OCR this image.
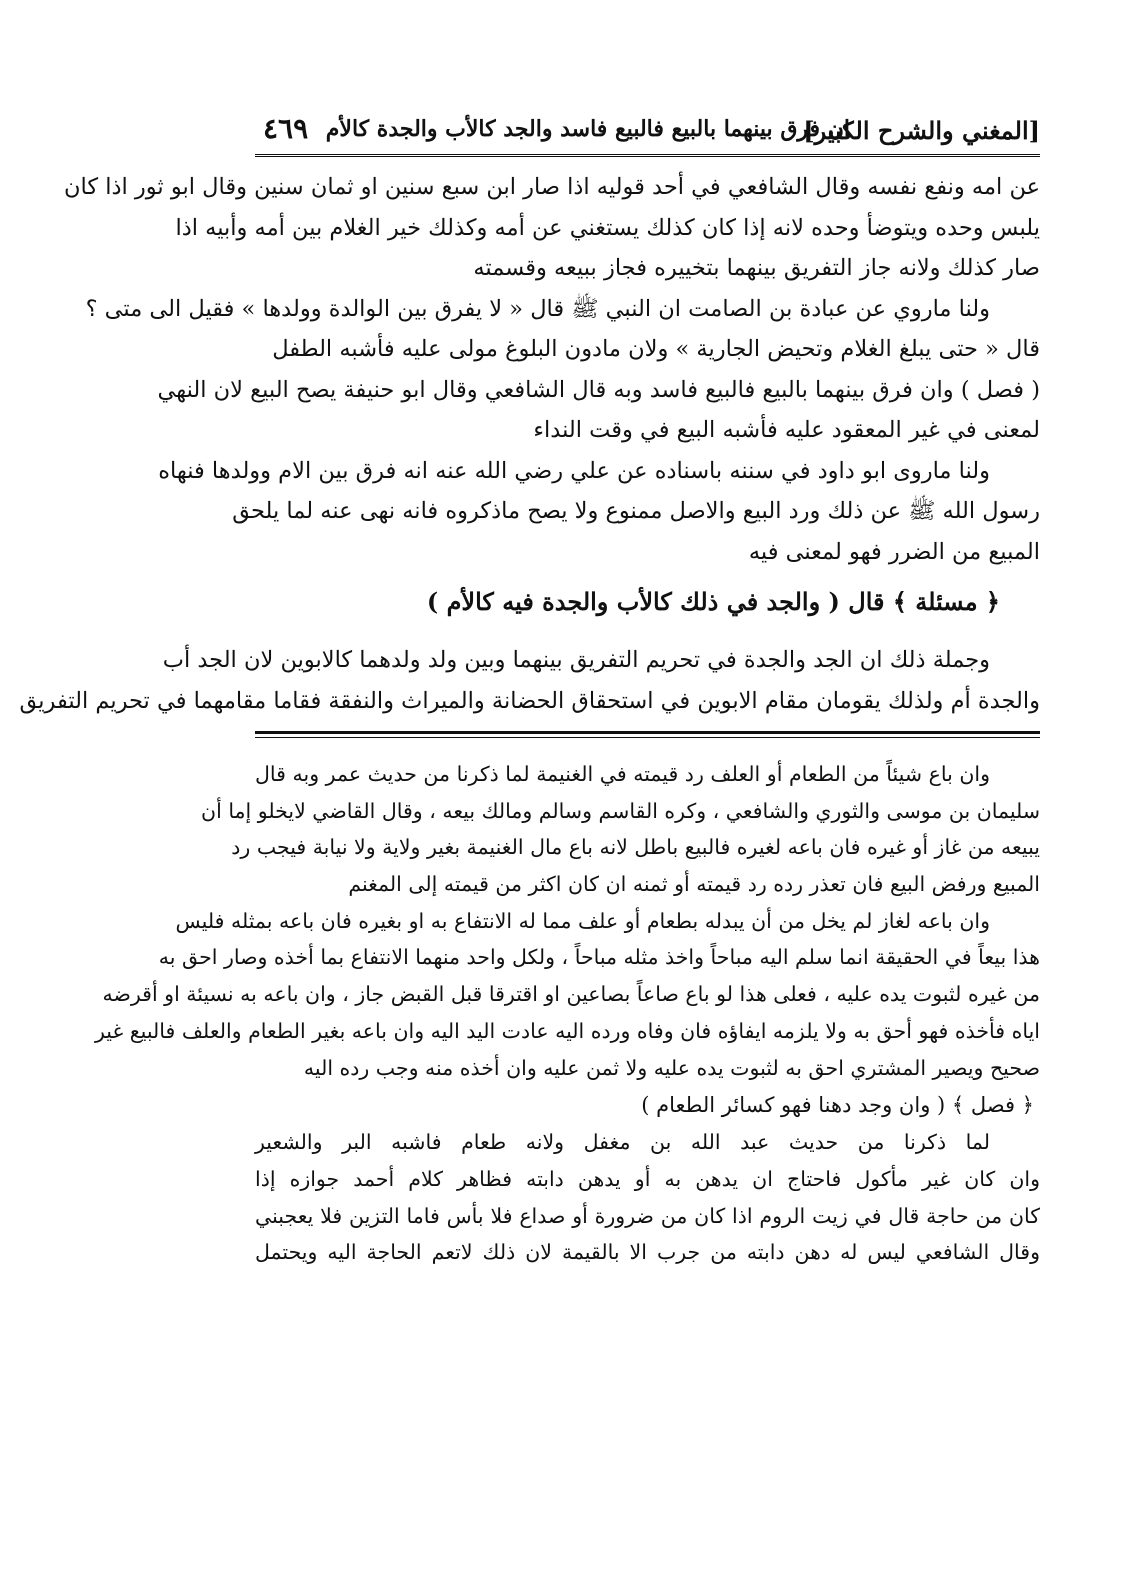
[المغني والشرح الكبير]
ان فرق بينهما بالبيع فالبيع فاسد والجد كالأب والجدة كالأم
٤٦٩
عن امه ونفع نفسه وقال الشافعي في أحد قوليه اذا صار ابن سبع سنين او ثمان سنين وقال ابو ثور اذا كان
يلبس وحده ويتوضأ وحده لانه إذا كان كذلك يستغني عن أمه وكذلك خير الغلام بين أمه وأبيه اذا
صار كذلك ولانه جاز التفريق بينهما بتخييره فجاز ببيعه وقسمته
ولنا ماروي عن عبادة بن الصامت ان النبي ﷺ قال « لا يفرق بين الوالدة وولدها » فقيل الى متى ؟
قال « حتى يبلغ الغلام وتحيض الجارية » ولان مادون البلوغ مولى عليه فأشبه الطفل
( فصل ) وان فرق بينهما بالبيع فالبيع فاسد وبه قال الشافعي وقال ابو حنيفة يصح البيع لان النهي
لمعنى في غير المعقود عليه فأشبه البيع في وقت النداء
ولنا ماروى ابو داود في سننه باسناده عن علي رضي الله عنه انه فرق بين الام وولدها فنهاه
رسول الله ﷺ عن ذلك ورد البيع والاصل ممنوع ولا يصح ماذكروه فانه نهى عنه لما يلحق
المبيع من الضرر فهو لمعنى فيه
﴿ مسئلة ﴾ قال ( والجد في ذلك كالأب والجدة فيه كالأم )
وجملة ذلك ان الجد والجدة في تحريم التفريق بينهما وبين ولد ولدهما كالابوين لان الجد أب
والجدة أم ولذلك يقومان مقام الابوين في استحقاق الحضانة والميراث والنفقة فقاما مقامهما في تحريم التفريق
وان باع شيئاً من الطعام أو العلف رد قيمته في الغنيمة لما ذكرنا من حديث عمر وبه قال
سليمان بن موسى والثوري والشافعي ، وكره القاسم وسالم ومالك بيعه ، وقال القاضي لايخلو إما أن
يبيعه من غاز أو غيره فان باعه لغيره فالبيع باطل لانه باع مال الغنيمة بغير ولاية ولا نيابة فيجب رد
المبيع ورفض البيع فان تعذر رده رد قيمته أو ثمنه ان كان اكثر من قيمته إلى المغنم
وان باعه لغاز لم يخل من أن يبدله بطعام أو علف مما له الانتفاع به او بغيره فان باعه بمثله فليس
هذا بيعاً في الحقيقة انما سلم اليه مباحاً واخذ مثله مباحاً ، ولكل واحد منهما الانتفاع بما أخذه وصار احق به
من غيره لثبوت يده عليه ، فعلى هذا لو باع صاعاً بصاعين او اقترقا قبل القبض جاز ، وان باعه به نسيئة او أقرضه
اياه فأخذه فهو أحق به ولا يلزمه ايفاؤه فان وفاه ورده اليه عادت اليد اليه وان باعه بغير الطعام والعلف فالبيع غير
صحيح ويصير المشتري احق به لثبوت يده عليه ولا ثمن عليه وان أخذه منه وجب رده اليه
﴿ فصل ﴾ ( وان وجد دهنا فهو كسائر الطعام )
لما ذكرنا من حديث عبد الله بن مغفل ولانه طعام فاشبه البر والشعير
وان كان غير مأكول فاحتاج ان يدهن به أو يدهن دابته فظاهر كلام أحمد جوازه إذا
كان من حاجة قال في زيت الروم اذا كان من ضرورة أو صداع فلا بأس فاما التزين فلا يعجبني
وقال الشافعي ليس له دهن دابته من جرب الا بالقيمة لان ذلك لاتعم الحاجة اليه ويحتمل
